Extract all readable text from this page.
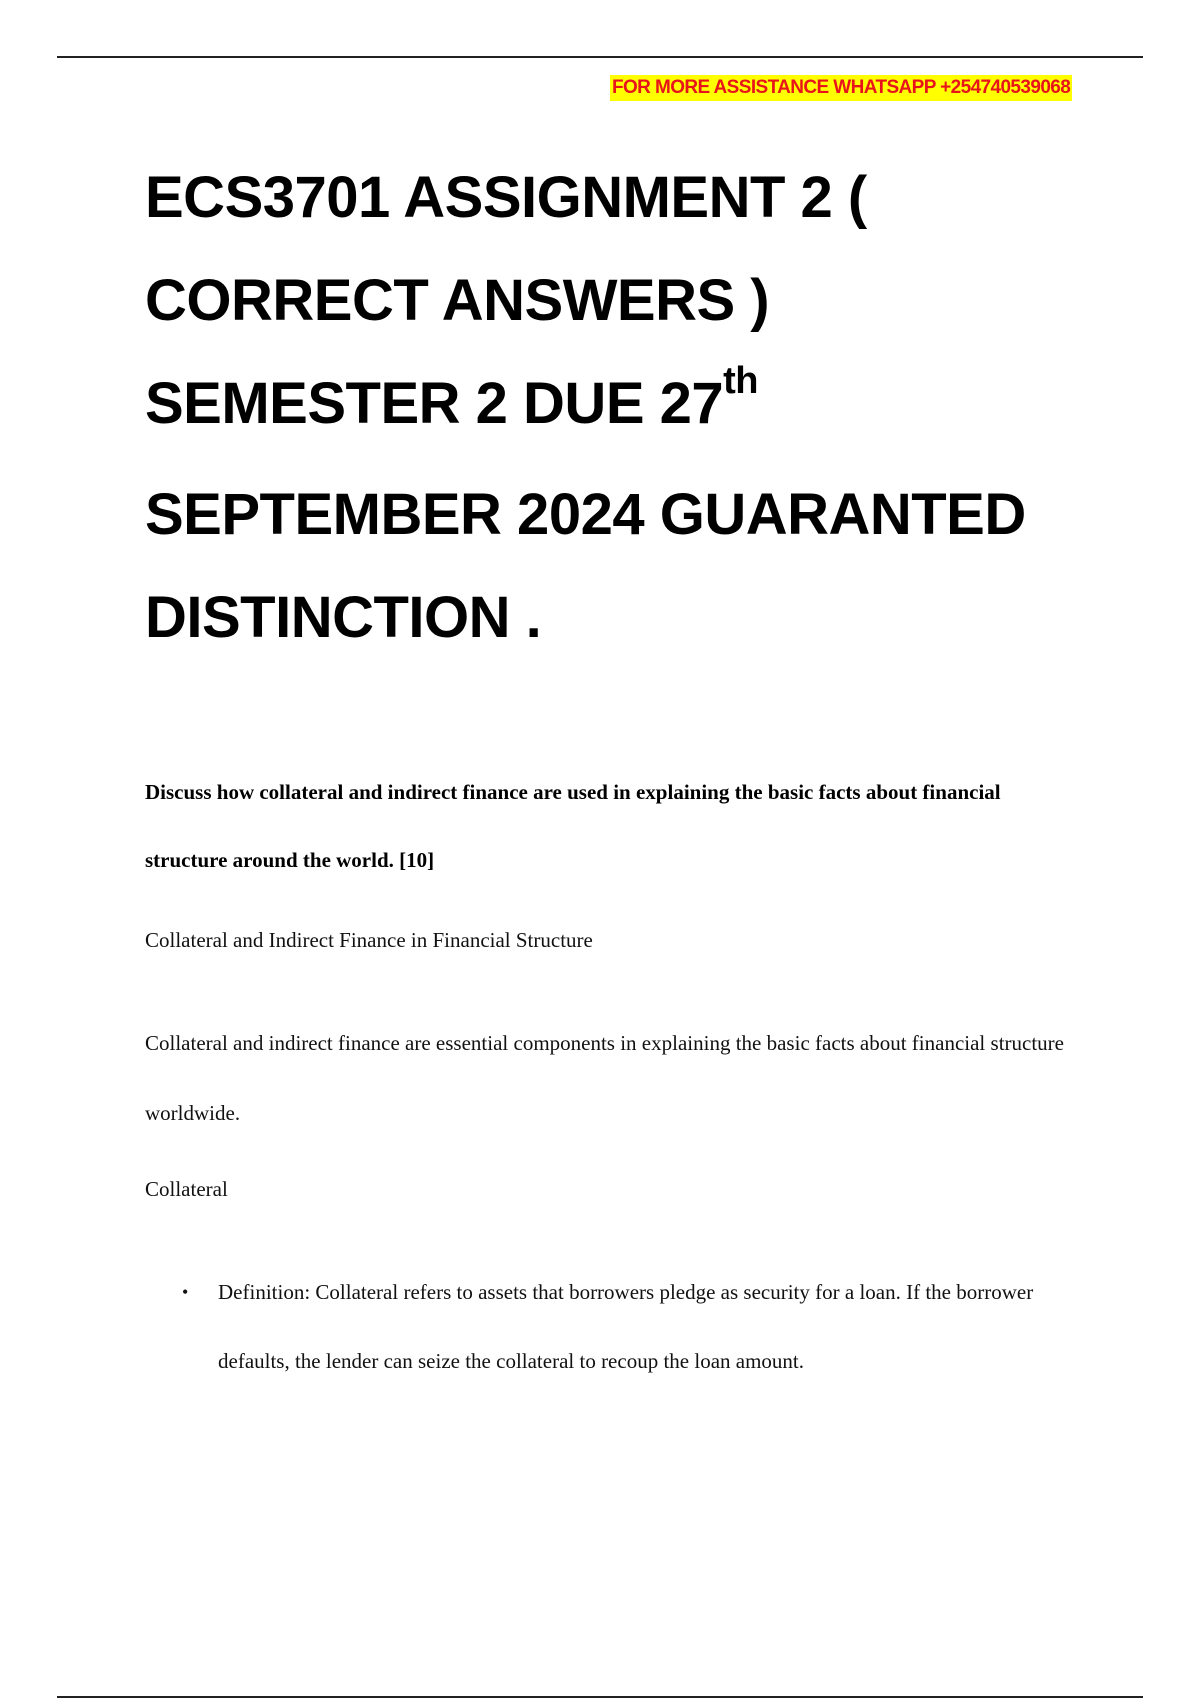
FOR MORE ASSISTANCE WHATSAPP +254740539068
ECS3701 ASSIGNMENT 2 (
CORRECT ANSWERS )
SEMESTER 2 DUE 27th
SEPTEMBER 2024 GUARANTED
DISTINCTION .

Discuss how collateral and indirect finance are used in explaining the basic facts about financial structure around the world. [10]

Collateral and Indirect Finance in Financial Structure

Collateral and indirect finance are essential components in explaining the basic facts about financial structure worldwide.

Collateral

• Definition: Collateral refers to assets that borrowers pledge as security for a loan. If the borrower defaults, the lender can seize the collateral to recoup the loan amount.
